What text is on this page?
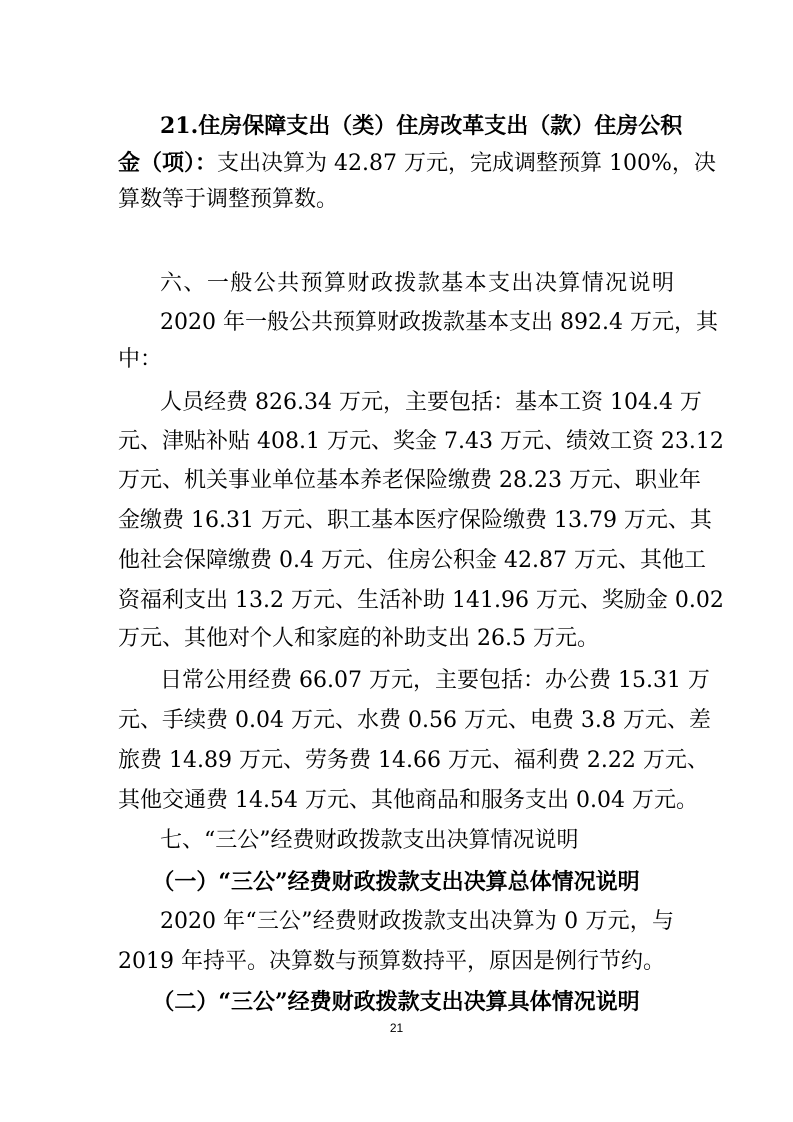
21.住房保障支出（类）住房改革支出（款）住房公积
金（项）：支出决算为 42.87 万元，完成调整预算 100%，决
算数等于调整预算数。
六、一般公共预算财政拨款基本支出决算情况说明
2020 年一般公共预算财政拨款基本支出 892.4 万元，其
中：
人员经费 826.34 万元，主要包括：基本工资 104.4 万
元、津贴补贴 408.1 万元、奖金 7.43 万元、绩效工资 23.12
万元、机关事业单位基本养老保险缴费 28.23 万元、职业年
金缴费 16.31 万元、职工基本医疗保险缴费 13.79 万元、其
他社会保障缴费 0.4 万元、住房公积金 42.87 万元、其他工
资福利支出 13.2 万元、生活补助 141.96 万元、奖励金 0.02
万元、其他对个人和家庭的补助支出 26.5 万元。
日常公用经费 66.07 万元，主要包括：办公费 15.31 万
元、手续费 0.04 万元、水费 0.56 万元、电费 3.8 万元、差
旅费 14.89 万元、劳务费 14.66 万元、福利费 2.22 万元、
其他交通费 14.54 万元、其他商品和服务支出 0.04 万元。
七、“三公”经费财政拨款支出决算情况说明
（一）“三公”经费财政拨款支出决算总体情况说明
2020 年“三公”经费财政拨款支出决算为 0 万元，与
2019 年持平。决算数与预算数持平，原因是例行节约。
（二）“三公”经费财政拨款支出决算具体情况说明
21
